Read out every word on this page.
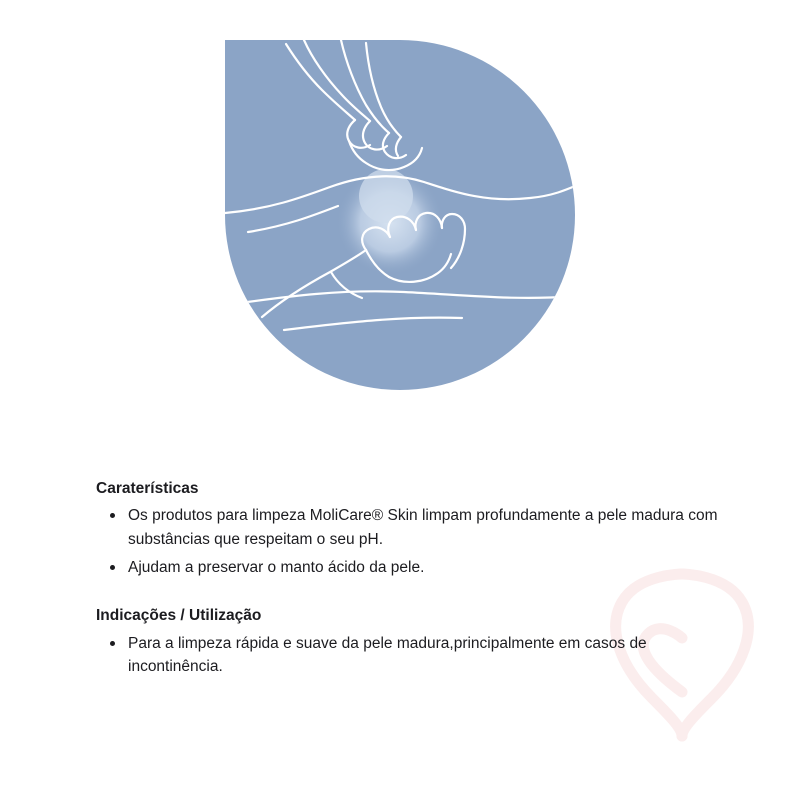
Caraterísticas
Os produtos para limpeza MoliCare® Skin limpam profundamente a pele madura com substâncias que respeitam o seu pH.
Ajudam a preservar o manto ácido da pele.
Indicações / Utilização
Para a limpeza rápida e suave da pele madura,principalmente em casos de incontinência.
